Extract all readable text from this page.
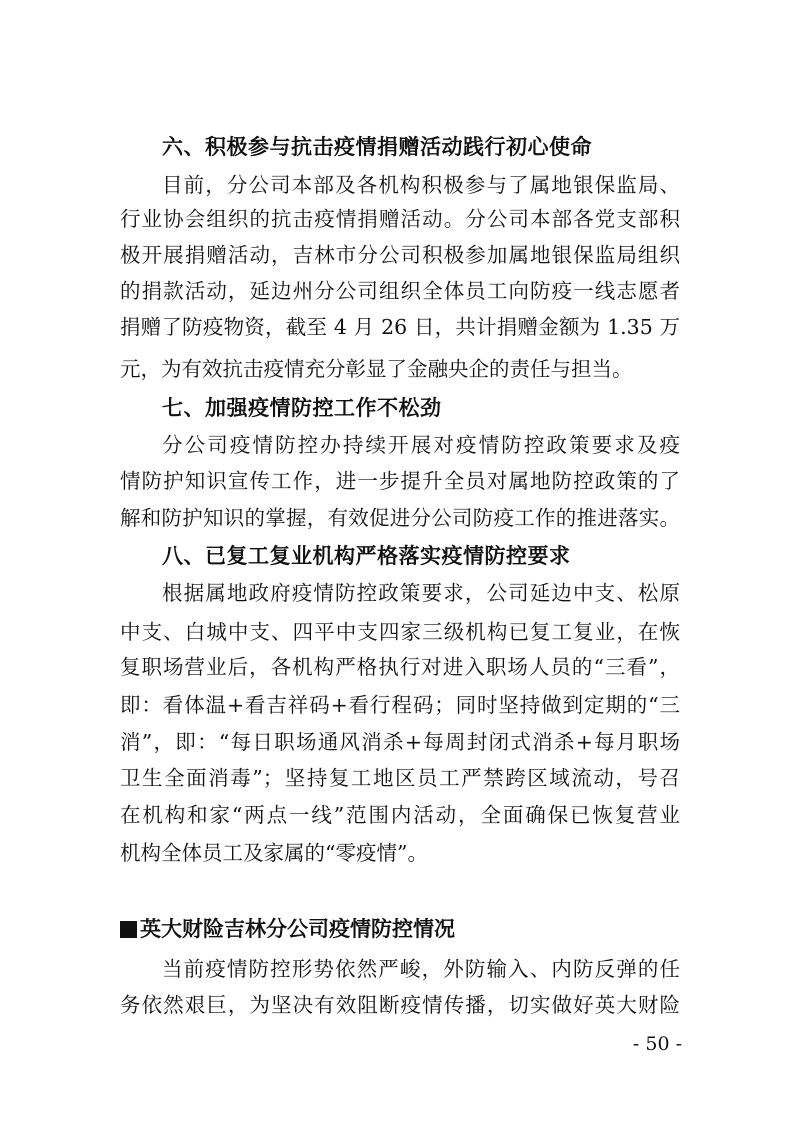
六、积极参与抗击疫情捐赠活动践行初心使命
目前，分公司本部及各机构积极参与了属地银保监局、
行业协会组织的抗击疫情捐赠活动。分公司本部各党支部积
极开展捐赠活动，吉林市分公司积极参加属地银保监局组织
的捐款活动，延边州分公司组织全体员工向防疫一线志愿者
捐赠了防疫物资，截至 4 月 26 日，共计捐赠金额为 1.35 万
元，为有效抗击疫情充分彰显了金融央企的责任与担当。
七、加强疫情防控工作不松劲
分公司疫情防控办持续开展对疫情防控政策要求及疫
情防护知识宣传工作，进一步提升全员对属地防控政策的了
解和防护知识的掌握，有效促进分公司防疫工作的推进落实。
八、已复工复业机构严格落实疫情防控要求
根据属地政府疫情防控政策要求，公司延边中支、松原
中支、白城中支、四平中支四家三级机构已复工复业，在恢
复职场营业后，各机构严格执行对进入职场人员的“三看”，
即：看体温+看吉祥码+看行程码；同时坚持做到定期的“三
消”，即：“每日职场通风消杀+每周封闭式消杀+每月职场
卫生全面消毒”；坚持复工地区员工严禁跨区域流动，号召
在机构和家“两点一线”范围内活动，全面确保已恢复营业
机构全体员工及家属的“零疫情”。
英大财险吉林分公司疫情防控情况
当前疫情防控形势依然严峻，外防输入、内防反弹的任
务依然艰巨，为坚决有效阻断疫情传播，切实做好英大财险
- 50 -
